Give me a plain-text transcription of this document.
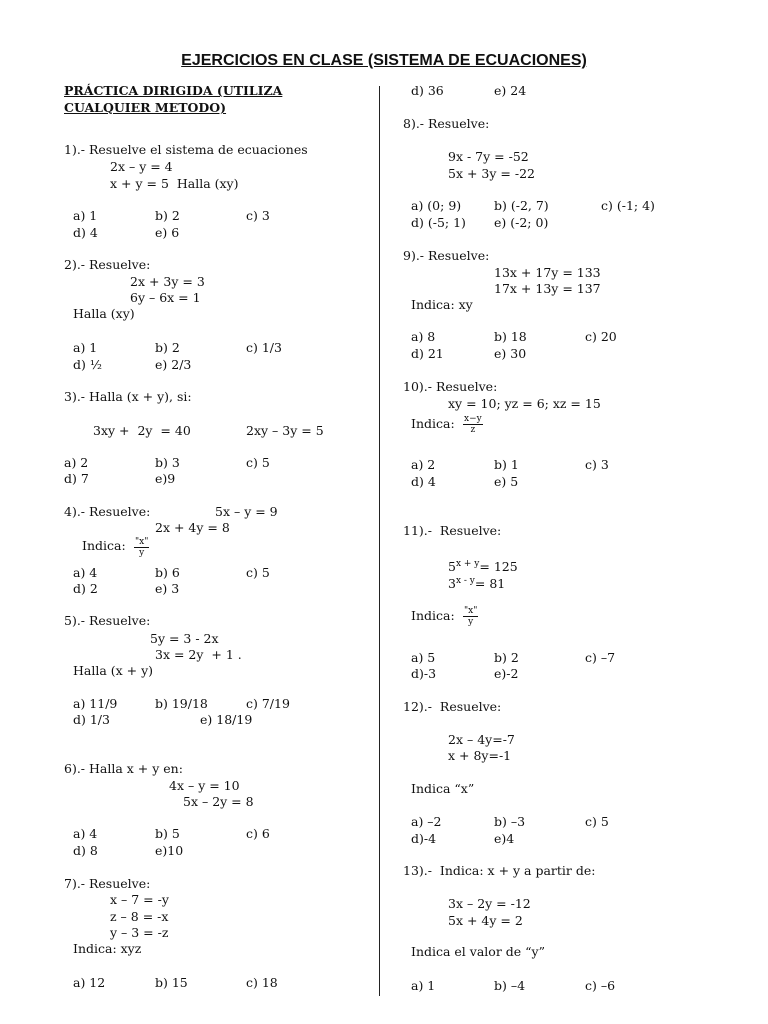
EJERCICIOS EN CLASE (SISTEMA DE ECUACIONES)
PRÁCTICA DIRIGIDA (UTILIZA
CUALQUIER METODO)
1).- Resuelve el sistema de ecuaciones
2x – y = 4
x + y = 5  Halla (xy)
a) 1	b) 2	c) 3
d) 4	e) 6
2).- Resuelve:
2x + 3y = 3
6y – 6x = 1
Halla (xy)
a) 1	b) 2	c) 1/3
d) ½	e) 2/3
3).- Halla (x + y), si:
3xy +  2y  = 40	2xy – 3y = 5
a) 2	b) 3	c) 5
d) 7	e)9
4).- Resuelve:	5x – y = 9
2x + 4y = 8
Indica: $\frac{"x"}{y}$
a) 4	b) 6	c) 5
d) 2	e) 3
5).- Resuelve:
5y = 3 - 2x
3x = 2y  + 1 .
Halla (x + y)
a) 11/9	b) 19/18	c) 7/19
d) 1/3	e) 18/19
6).- Halla x + y en:
4x – y = 10
5x – 2y = 8
a) 4	b) 5	c) 6
d) 8	e)10
7).- Resuelve:
x – 7 = -y
z – 8 = -x
y – 3 = -z
Indica: xyz
a) 12	b) 15	c) 18
d) 36	e) 24
8).- Resuelve:
9x - 7y = -52
5x + 3y = -22
a) (0; 9)	b) (-2, 7)	c) (-1; 4)
d) (-5; 1) e) (-2; 0)
9).- Resuelve:
13x + 17y = 133
17x + 13y = 137
Indica: xy
a) 8	b) 18	c) 20
d) 21	e) 30
10).- Resuelve:
xy = 10; yz = 6; xz = 15
Indica: $\frac{x-y}{z}$
a) 2	b) 1	c) 3
d) 4	e) 5
11).-  Resuelve:
$5^{x + y}= 125$
$3^{x - y}= 81$
Indica: $\frac{"x"}{y}$
a) 5	b) 2	c) –7
d)-3	e)-2
12).-  Resuelve:
2x – 4y=-7
x + 8y=-1
Indica “x”
a) –2	b) –3	c) 5
d)-4	e)4
13).-  Indica: x + y a partir de:
3x – 2y = -12
5x + 4y = 2
Indica el valor de “y”
a) 1	b) –4	c) –6
